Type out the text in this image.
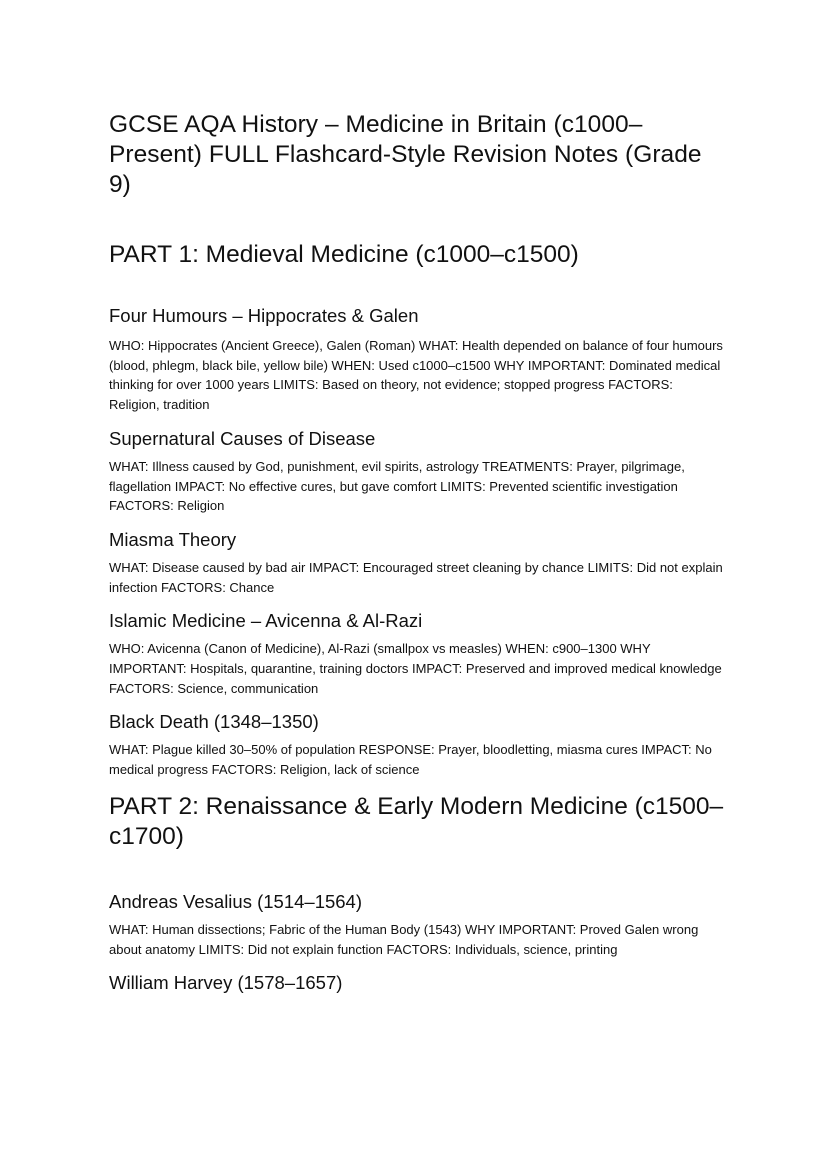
GCSE AQA History – Medicine in Britain (c1000–Present) FULL Flashcard-Style Revision Notes (Grade 9)
PART 1: Medieval Medicine (c1000–c1500)
Four Humours – Hippocrates & Galen

WHO: Hippocrates (Ancient Greece), Galen (Roman) WHAT: Health depended on balance of four humours (blood, phlegm, black bile, yellow bile) WHEN: Used c1000–c1500 WHY IMPORTANT: Dominated medical thinking for over 1000 years LIMITS: Based on theory, not evidence; stopped progress FACTORS: Religion, tradition

Supernatural Causes of Disease

WHAT: Illness caused by God, punishment, evil spirits, astrology TREATMENTS: Prayer, pilgrimage, flagellation IMPACT: No effective cures, but gave comfort LIMITS: Prevented scientific investigation FACTORS: Religion

Miasma Theory

WHAT: Disease caused by bad air IMPACT: Encouraged street cleaning by chance LIMITS: Did not explain infection FACTORS: Chance

Islamic Medicine – Avicenna & Al-Razi

WHO: Avicenna (Canon of Medicine), Al-Razi (smallpox vs measles) WHEN: c900–1300 WHY IMPORTANT: Hospitals, quarantine, training doctors IMPACT: Preserved and improved medical knowledge FACTORS: Science, communication

Black Death (1348–1350)

WHAT: Plague killed 30–50% of population RESPONSE: Prayer, bloodletting, miasma cures IMPACT: No medical progress FACTORS: Religion, lack of science

PART 2: Renaissance & Early Modern Medicine (c1500–c1700)
Andreas Vesalius (1514–1564)

WHAT: Human dissections; Fabric of the Human Body (1543) WHY IMPORTANT: Proved Galen wrong about anatomy LIMITS: Did not explain function FACTORS: Individuals, science, printing

William Harvey (1578–1657)
